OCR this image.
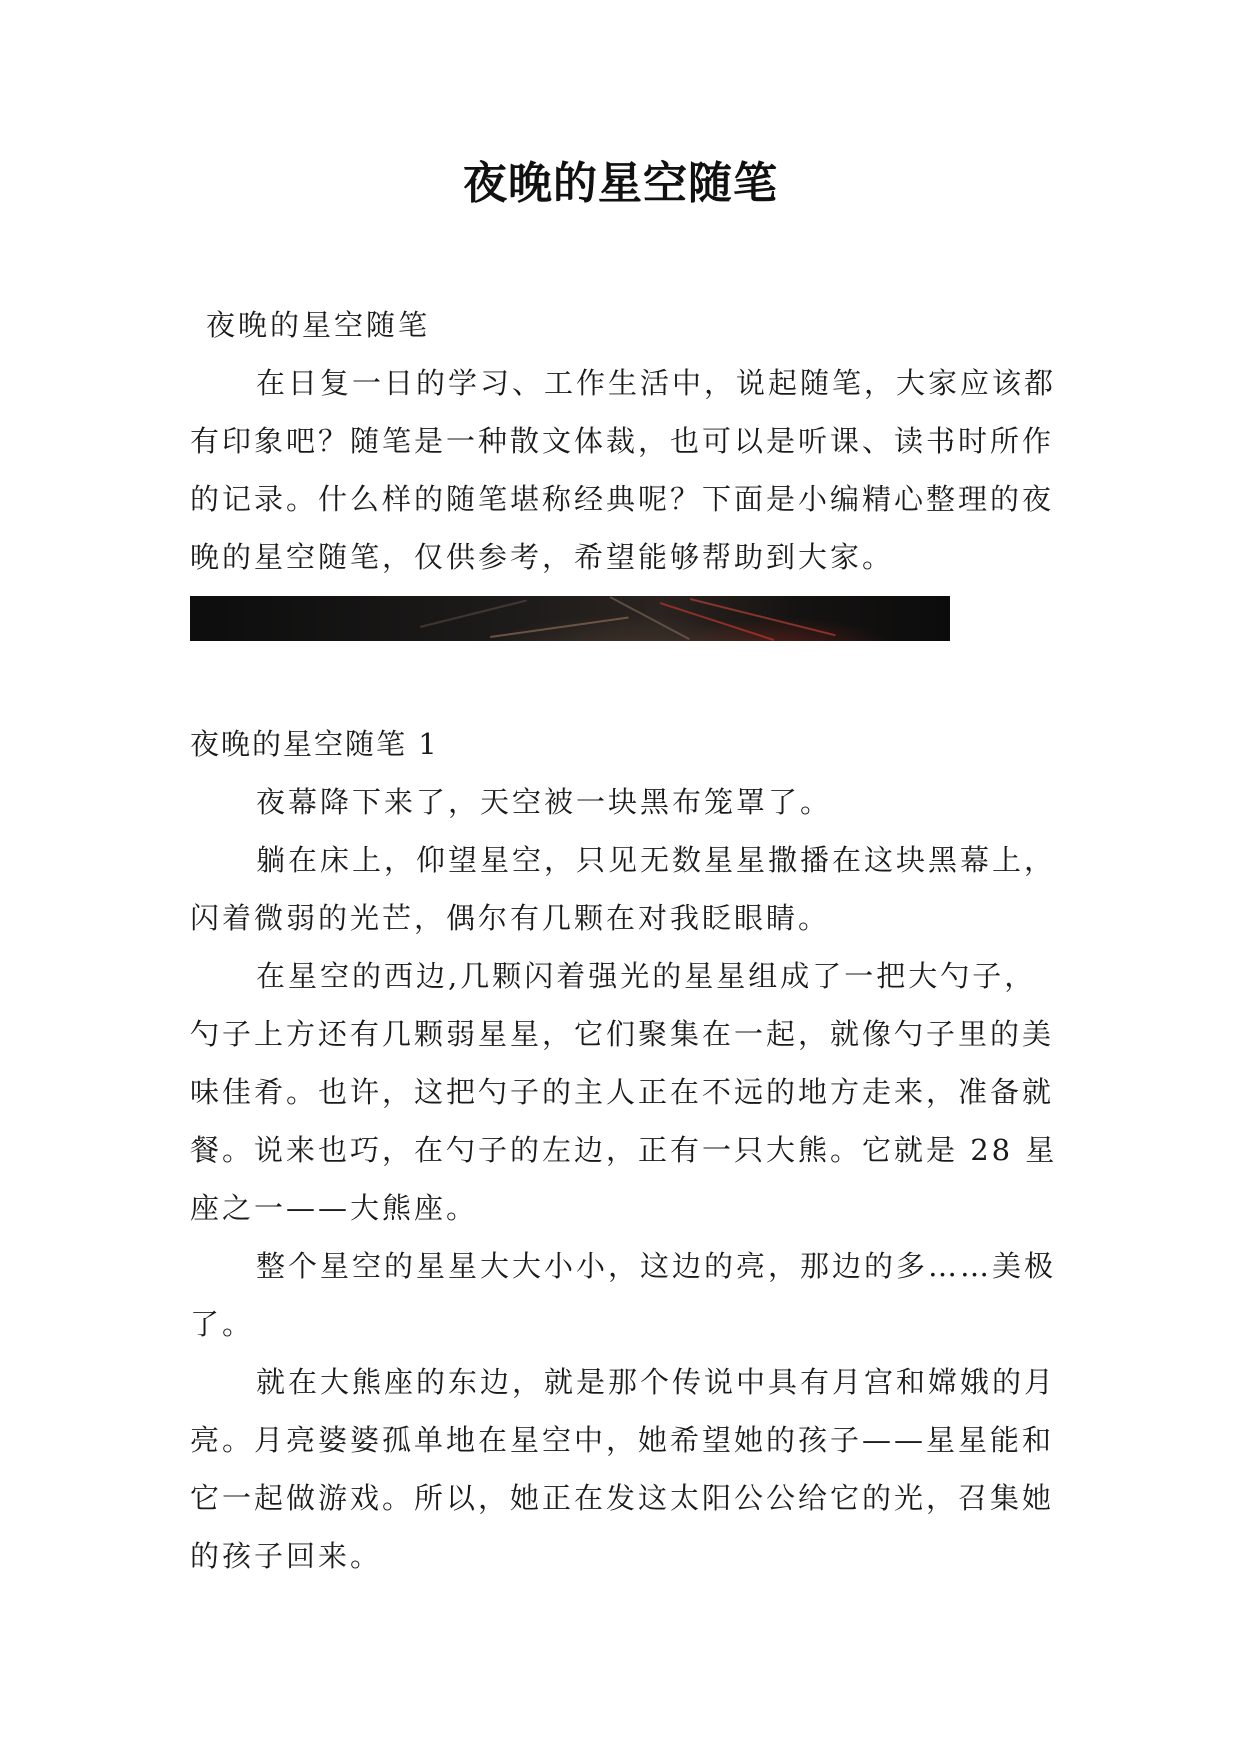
夜晚的星空随笔

夜晚的星空随笔

在日复一日的学习、工作生活中，说起随笔，大家应该都有印象吧？随笔是一种散文体裁，也可以是听课、读书时所作的记录。什么样的随笔堪称经典呢？下面是小编精心整理的夜晚的星空随笔，仅供参考，希望能够帮助到大家。

夜晚的星空随笔 1

夜幕降下来了，天空被一块黑布笼罩了。

躺在床上，仰望星空，只见无数星星撒播在这块黑幕上，闪着微弱的光芒，偶尔有几颗在对我眨眼睛。

在星空的西边,几颗闪着强光的星星组成了一把大勺子，勺子上方还有几颗弱星星，它们聚集在一起，就像勺子里的美味佳肴。也许，这把勺子的主人正在不远的地方走来，准备就餐。说来也巧，在勺子的左边，正有一只大熊。它就是 28 星座之一——大熊座。

整个星空的星星大大小小，这边的亮，那边的多……美极了。

就在大熊座的东边，就是那个传说中具有月宫和嫦娥的月亮。月亮婆婆孤单地在星空中，她希望她的孩子——星星能和它一起做游戏。所以，她正在发这太阳公公给它的光，召集她的孩子回来。
